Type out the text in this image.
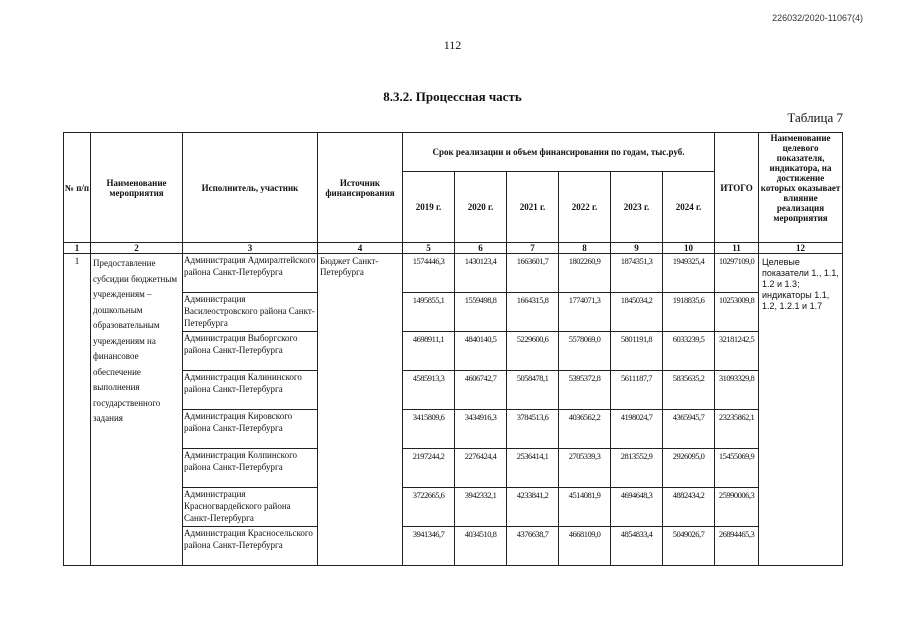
226032/2020-11067(4)
112
8.3.2. Процессная часть
Таблица 7
№ п/п	Наименование мероприятия	Исполнитель, участник	Источник финансирования	Срок реализации и объем финансирования по годам, тыс.руб.						ИТОГО	Наименование целевого показателя, индикатора, на достижение которых оказывает влияние реализация мероприятия
				2019 г.	2020 г.	2021 г.	2022 г.	2023 г.	2024 г.		
1	2	3	4	5	6	7	8	9	10	11	12
1	Предоставление субсидии бюджетным учреждениям – дошкольным образовательным учреждениям на финансовое обеспечение выполнения государственного задания	Администрация Адмиралтейского района Санкт-Петербурга	Бюджет Санкт-Петербурга	1574446,3	1430123,4	1663601,7	1802260,9	1874351,3	1949325,4	10297109,0	Целевые показатели 1., 1.1, 1.2 и 1.3; индикаторы 1.1, 1.2, 1.2.1 и 1.7
		Администрация Василеостровского района Санкт-Петербурга		1495855,1	1559498,8	1664315,8	1774071,3	1845034,2	1918835,6	10253009,8	
		Администрация Выборгского района Санкт-Петербурга		4698911,1	4840140,5	5229600,6	5578069,0	5801191,8	6033239,5	32181242,5	
		Администрация Калининского района Санкт-Петербурга		4585913,3	4606742,7	5058478,1	5395372,8	5611187,7	5835635,2	31093329,8	
		Администрация Кировского района Санкт-Петербурга		3415809,6	3434916,3	3784513,6	4036562,2	4198024,7	4365945,7	23235862,1	
		Администрация Колпинского района Санкт-Петербурга		2197244,2	2276424,4	2536414,1	2705339,3	2813552,9	2926095,0	15455069,9	
		Администрация Красногвардейского района Санкт-Петербурга		3722665,6	3942332,1	4233841,2	4514081,9	4694648,3	4882434,2	25990006,3	
		Администрация Красносельского района Санкт-Петербурга		3941346,7	4034510,8	4376638,7	4668109,0	4854833,4	5049026,7	26894465,3	
